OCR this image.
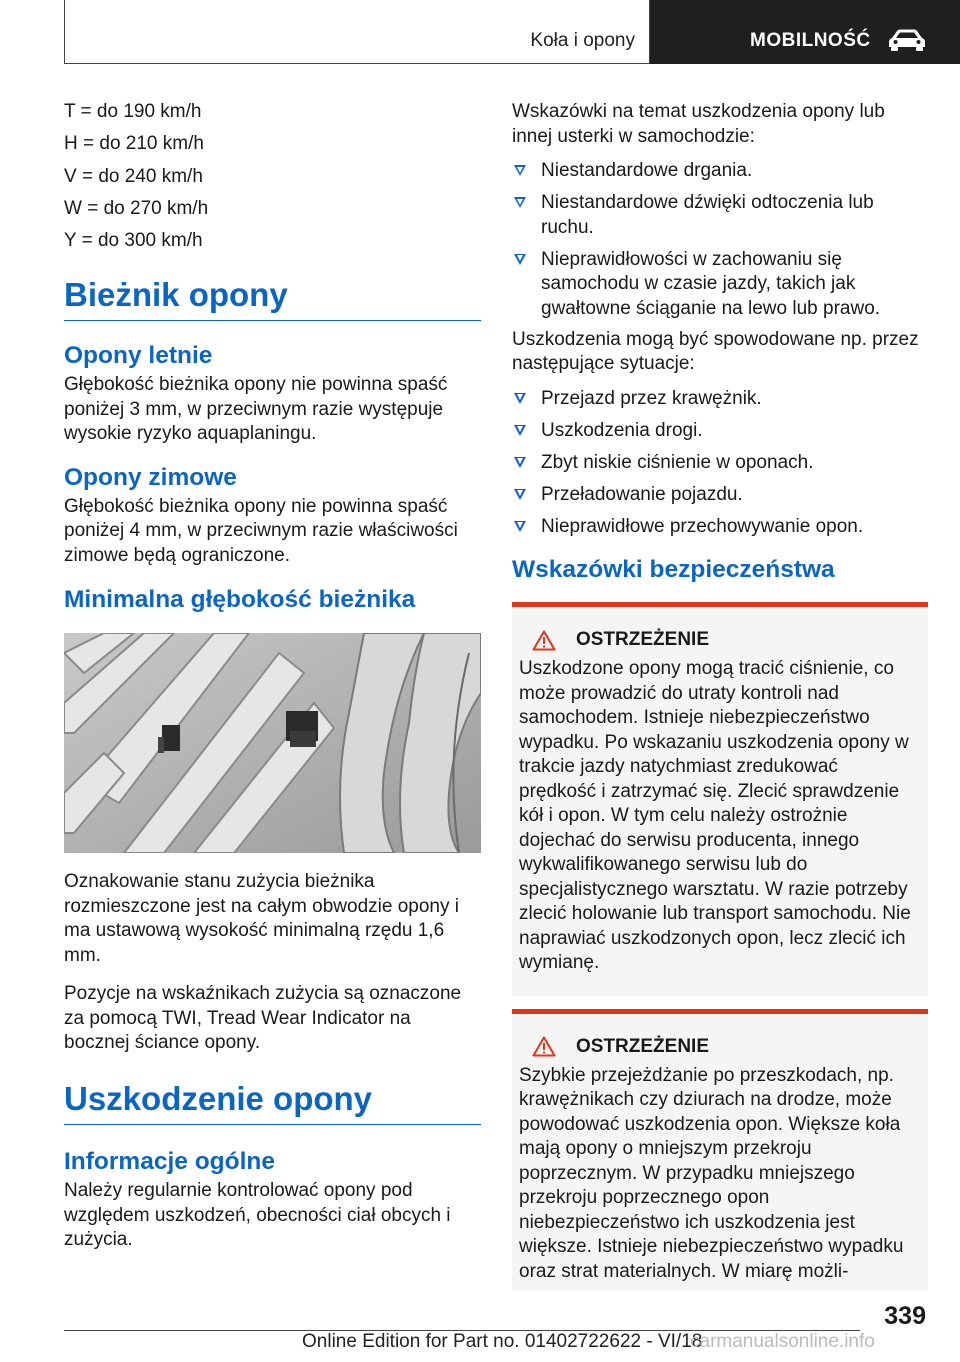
Koła i opony	MOBILNOŚĆ

T = do 190 km/h

H = do 210 km/h

V = do 240 km/h

W = do 270 km/h

Y = do 300 km/h

Bieżnik opony
Opony letnie

Głębokość bieżnika opony nie powinna spaść poniżej 3 mm, w przeciwnym razie występuje wysokie ryzyko aquaplaningu.

Opony zimowe

Głębokość bieżnika opony nie powinna spaść poniżej 4 mm, w przeciwnym razie właściwości zimowe będą ograniczone.

Minimalna głębokość bieżnika

Oznakowanie stanu zużycia bieżnika rozmieszczone jest na całym obwodzie opony i ma ustawową wysokość minimalną rzędu 1,6 mm.

Pozycje na wskaźnikach zużycia są oznaczone za pomocą TWI, Tread Wear Indicator na bocznej ściance opony.

Uszkodzenie opony
Informacje ogólne

Należy regularnie kontrolować opony pod względem uszkodzeń, obecności ciał obcych i zużycia.

Wskazówki na temat uszkodzenia opony lub innej usterki w samochodzie:

Niestandardowe drgania.
Niestandardowe dźwięki odtoczenia lub ruchu.
Nieprawidłowości w zachowaniu się samochodu w czasie jazdy, takich jak gwałtowne ściąganie na lewo lub prawo.

Uszkodzenia mogą być spowodowane np. przez następujące sytuacje:

Przejazd przez krawężnik.
Uszkodzenia drogi.
Zbyt niskie ciśnienie w oponach.
Przeładowanie pojazdu.
Nieprawidłowe przechowywanie opon.
Wskazówki bezpieczeństwa
OSTRZEŻENIE

Uszkodzone opony mogą tracić ciśnienie, co może prowadzić do utraty kontroli nad samochodem. Istnieje niebezpieczeństwo wypadku. Po wskazaniu uszkodzenia opony w trakcie jazdy natychmiast zredukować prędkość i zatrzymać się. Zlecić sprawdzenie kół i opon. W tym celu należy ostrożnie dojechać do serwisu producenta, innego wykwalifikowanego serwisu lub do specjalistycznego warsztatu. W razie potrzeby zlecić holowanie lub transport samochodu. Nie naprawiać uszkodzonych opon, lecz zlecić ich wymianę.

OSTRZEŻENIE

Szybkie przejeżdżanie po przeszkodach, np. krawężnikach czy dziurach na drodze, może powodować uszkodzenia opon. Większe koła mają opony o mniejszym przekroju poprzecznym. W przypadku mniejszego przekroju poprzecznego opon niebezpieczeństwo ich uszkodzenia jest większe. Istnieje niebezpieczeństwo wypadku oraz strat materialnych. W miarę możli-

339
Online Edition for Part no. 01402722622 - VI/18
carmanualsonline.info
